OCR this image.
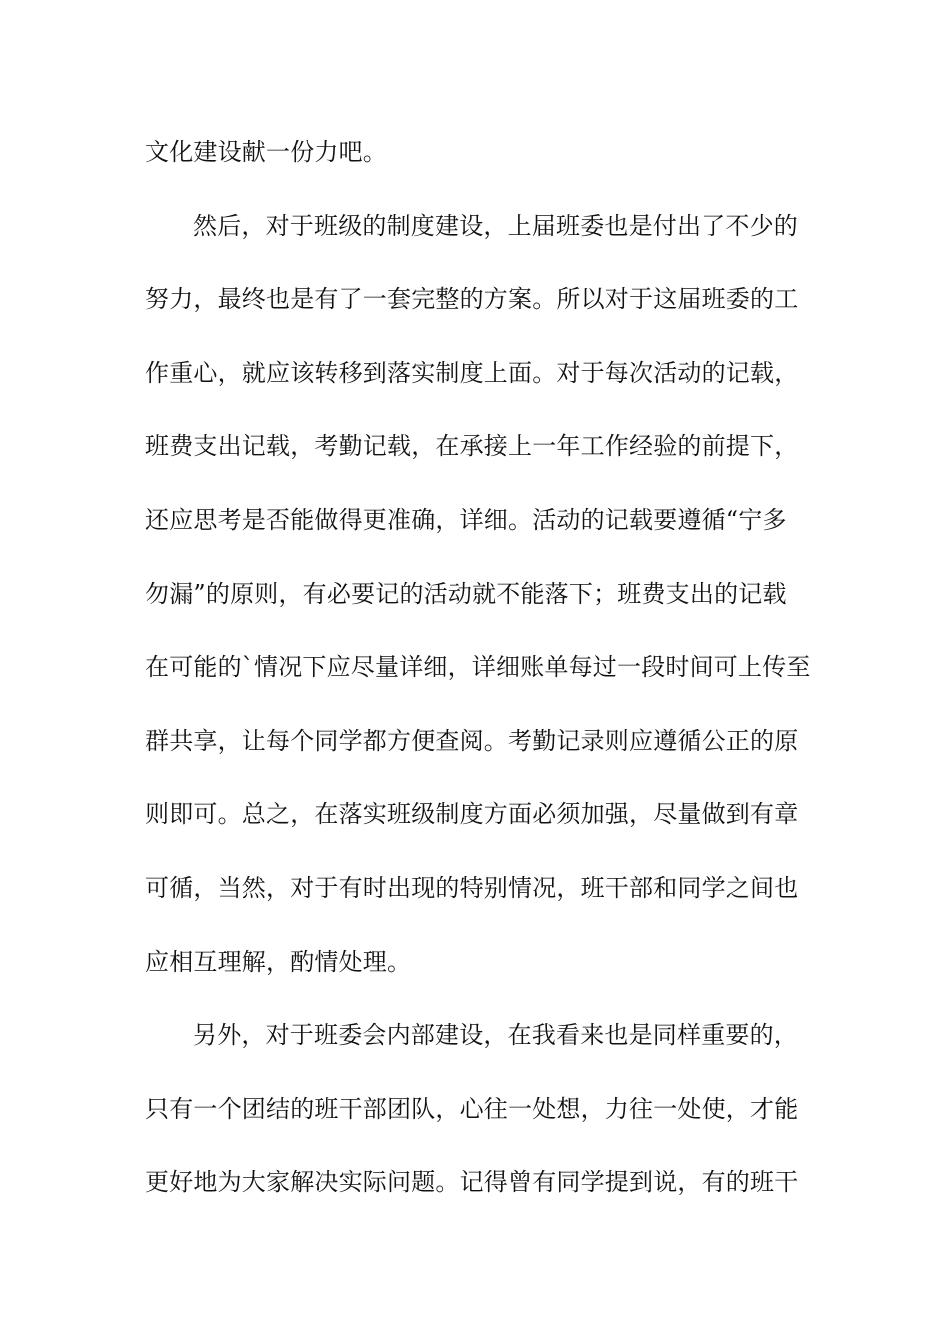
文化建设献一份力吧。
然后，对于班级的制度建设，上届班委也是付出了不少的
努力，最终也是有了一套完整的方案。所以对于这届班委的工
作重心，就应该转移到落实制度上面。对于每次活动的记载，
班费支出记载，考勤记载，在承接上一年工作经验的前提下，
还应思考是否能做得更准确，详细。活动的记载要遵循“宁多
勿漏”的原则，有必要记的活动就不能落下；班费支出的记载
在可能的`情况下应尽量详细，详细账单每过一段时间可上传至
群共享，让每个同学都方便查阅。考勤记录则应遵循公正的原
则即可。总之，在落实班级制度方面必须加强，尽量做到有章
可循，当然，对于有时出现的特别情况，班干部和同学之间也
应相互理解，酌情处理。
另外，对于班委会内部建设，在我看来也是同样重要的，
只有一个团结的班干部团队，心往一处想，力往一处使，才能
更好地为大家解决实际问题。记得曾有同学提到说，有的班干
